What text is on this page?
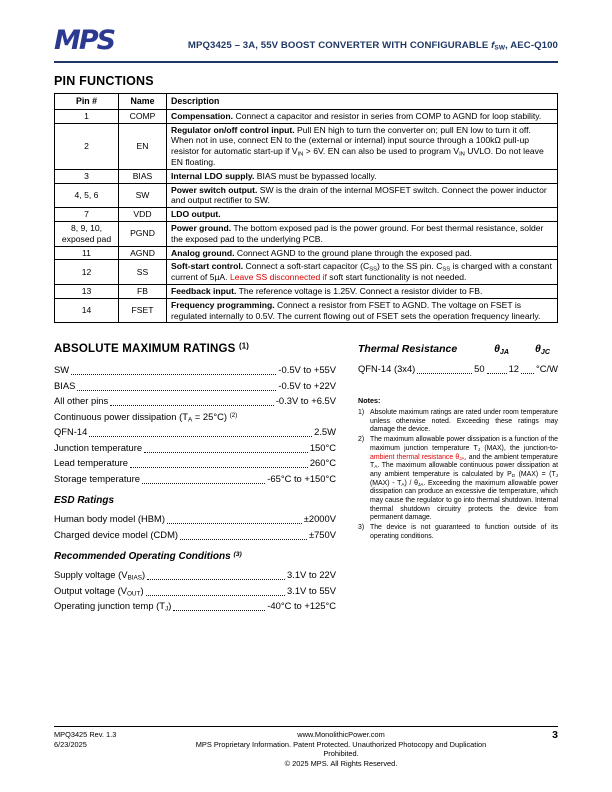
MPS	MPQ3425 – 3A, 55V BOOST CONVERTER WITH CONFIGURABLE $f_{SW}$, AEC-Q100
PIN FUNCTIONS
Pin #	Name	Description
1	COMP	Compensation. Connect a capacitor and resistor in series from COMP to AGND for loop stability.
2	EN	Regulator on/off control input. Pull EN high to turn the converter on; pull EN low to turn it off. When not in use, connect EN to the (external or internal) input source through a 100kΩ pull-up resistor for automatic start-up if $V_{IN} > 6V$. EN can also be used to program $V_{IN}$ UVLO. Do not leave EN floating.
3	BIAS	Internal LDO supply. BIAS must be bypassed locally.
4, 5, 6	SW	Power switch output. SW is the drain of the internal MOSFET switch. Connect the power inductor and output rectifier to SW.
7	VDD	LDO output.
8, 9, 10, exposed pad	PGND	Power ground. The bottom exposed pad is the power ground. For best thermal resistance, solder the exposed pad to the underlying PCB.
11	AGND	Analog ground. Connect AGND to the ground plane through the exposed pad.
12	SS	Soft-start control. Connect a soft-start capacitor $(C_{SS})$ to the SS pin. $C_{SS}$ is charged with a constant current of 5µA. Leave SS disconnected if soft start functionality is not needed.
13	FB	Feedback input. The reference voltage is 1.25V. Connect a resistor divider to FB.
14	FSET	Frequency programming. Connect a resistor from FSET to AGND. The voltage on FSET is regulated internally to 0.5V. The current flowing out of FSET sets the operation frequency linearly.
ABSOLUTE MAXIMUM RATINGS $^{(1)}$
SW	-0.5V to +55V
BIAS	-0.5V to +22V
All other pins	-0.3V to +6.5V
Continuous power dissipation $(T_A = 25^\circ C)$ $^{(2)}$
QFN-14	2.5W
Junction temperature	150°C
Lead temperature	260°C
Storage temperature	-65°C to +150°C
ESD Ratings
Human body model (HBM)	±2000V
Charged device model (CDM)	±750V
Recommended Operating Conditions $^{(3)}$
Supply voltage $(V_{BIAS})$	3.1V to 22V
Output voltage $(V_{OUT})$	3.1V to 55V
Operating junction temp $(T_J)$	-40°C to +125°C
Thermal Resistance	$\theta_{JA}$ $\theta_{JC}$
QFN-14 (3x4)	50	12 °C/W
Notes:
1) Absolute maximum ratings are rated under room temperature unless otherwise noted. Exceeding these ratings may damage the device.
2) The maximum allowable power dissipation is a function of the maximum junction temperature $T_J$ (MAX), the junction-to-ambient thermal resistance $\theta_{JA}$, and the ambient temperature $T_A$. The maximum allowable continuous power dissipation at any ambient temperature is calculated by $P_D$ $(MAX) = (T_J$ $(MAX) - T_A) / \theta_{JA}$. Exceeding the maximum allowable power dissipation can produce an excessive die temperature, which may cause the regulator to go into thermal shutdown. Internal thermal shutdown circuitry protects the device from permanent damage.
3) The device is not guaranteed to function outside of its operating conditions.
MPQ3425 Rev. 1.3
6/23/2025
www.MonolithicPower.com
MPS Proprietary Information. Patent Protected. Unauthorized Photocopy and Duplication Prohibited.
© 2025 MPS. All Rights Reserved.
3
